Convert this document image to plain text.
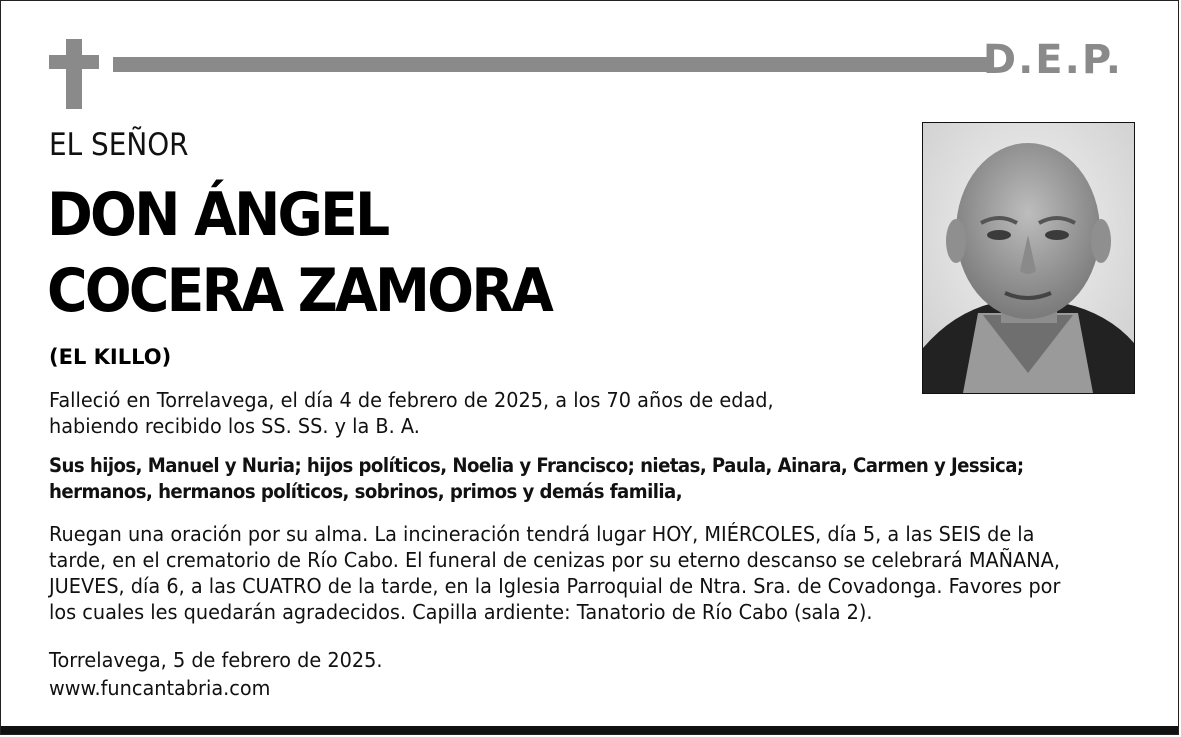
D.E.P.
EL SEÑOR
DON ÁNGEL
COCERA ZAMORA
(EL KILLO)
Falleció en Torrelavega, el día 4 de febrero de 2025, a los 70 años de edad,
habiendo recibido los SS. SS. y la B. A.
Sus hijos, Manuel y Nuria; hijos políticos, Noelia y Francisco; nietas, Paula, Ainara, Carmen y Jessica;
hermanos, hermanos políticos, sobrinos, primos y demás familia,
Ruegan una oración por su alma. La incineración tendrá lugar HOY, MIÉRCOLES, día 5, a las SEIS de la
tarde, en el crematorio de Río Cabo. El funeral de cenizas por su eterno descanso se celebrará MAÑANA,
JUEVES, día 6, a las CUATRO de la tarde, en la Iglesia Parroquial de Ntra. Sra. de Covadonga. Favores por
los cuales les quedarán agradecidos. Capilla ardiente: Tanatorio de Río Cabo (sala 2).
Torrelavega, 5 de febrero de 2025.
www.funcantabria.com
